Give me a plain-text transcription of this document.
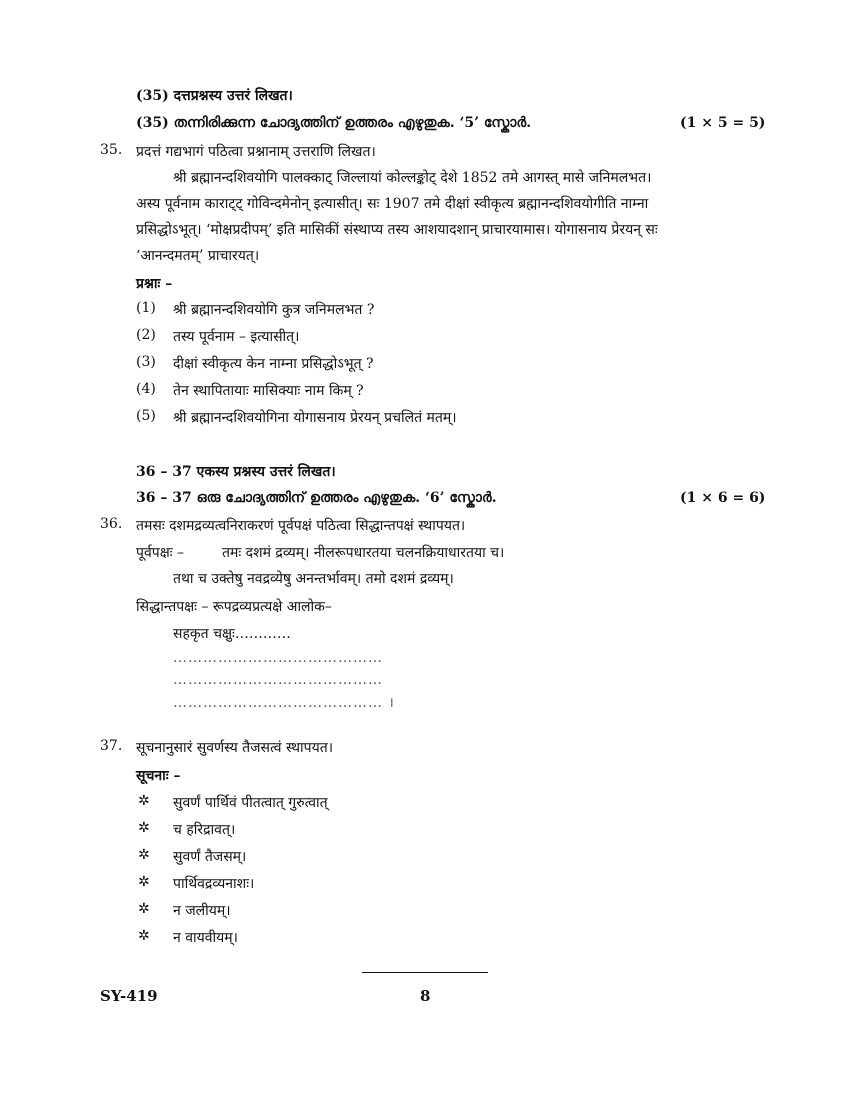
(35) दत्तप्रश्नस्य उत्तरं लिखत।
(35) തന്നിരിക്കുന്ന ചോദ്യത്തിന് ഉത്തരം എഴുതുക. ‘5’ സ്കോർ.	(1 × 5 = 5)
35. प्रदत्तं गद्यभागं पठित्वा प्रश्नानाम् उत्तराणि लिखत।
श्री ब्रह्मानन्दशिवयोगि पालक्काट् जिल्लायां कोल्लङ्कोट् देशे 1852 तमे आगस्त् मासे जनिमलभत।
अस्य पूर्वनाम काराट्ट् गोविन्दमेनोन् इत्यासीत्। सः 1907 तमे दीक्षां स्वीकृत्य ब्रह्मानन्दशिवयोगीति नाम्ना
प्रसिद्धोऽभूत्। ‘मोक्षप्रदीपम्’ इति मासिकीं संस्थाप्य तस्य आशयादशान् प्राचारयामास। योगासनाय प्रेरयन् सः
‘आनन्दमतम्’ प्राचारयत्।
प्रश्नाः –
(1) श्री ब्रह्मानन्दशिवयोगि कुत्र जनिमलभत ?
(2) तस्य पूर्वनाम – इत्यासीत्।
(3) दीक्षां स्वीकृत्य केन नाम्ना प्रसिद्धोऽभूत् ?
(4) तेन स्थापितायाः मासिक्याः नाम किम् ?
(5) श्री ब्रह्मानन्दशिवयोगिना योगासनाय प्रेरयन् प्रचलितं मतम्।
36 – 37 एकस्य प्रश्नस्य उत्तरं लिखत।
36 – 37 ഒരു ചോദ്യത്തിന് ഉത്തരം എഴുതുക. ‘6’ സ്കോർ.	(1 × 6 = 6)
36. तमसः दशमद्रव्यत्वनिराकरणं पूर्वपक्षं पठित्वा सिद्धान्तपक्षं स्थापयत।
पूर्वपक्षः –	तमः दशमं द्रव्यम्। नीलरूपधारतया चलनक्रियाधारतया च।
तथा च उक्तेषु नवद्रव्येषु अनन्तर्भावम्। तमो दशमं द्रव्यम्।
सिद्धान्तपक्षः – रूपद्रव्यप्रत्यक्षे आलोक–
सहकृत चक्षुः…………
……………………………………
……………………………………
…………………………………… ।
37. सूचनानुसारं सुवर्णस्य तैजसत्वं स्थापयत।
सूचनाः –
✲ सुवर्णं पार्थिवं पीतत्वात् गुरुत्वात्
✲ च हरिद्रावत्।
✲ सुवर्णं तैजसम्।
✲ पार्थिवद्रव्यनाशः।
✲ न जलीयम्।
✲ न वायवीयम्।
SY-419	8
